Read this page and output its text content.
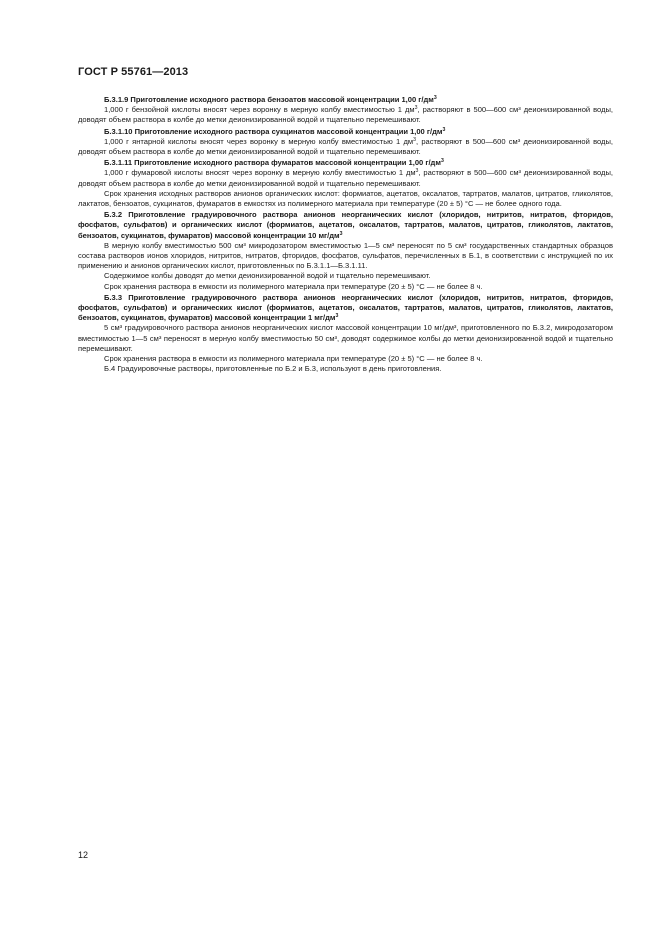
ГОСТ Р 55761—2013

Б.3.1.9 Приготовление исходного раствора бензоатов массовой концентрации 1,00 $г/дм^3$

1,000 г бензойной кислоты вносят через воронку в мерную колбу вместимостью 1 $дм^3$, растворяют в 500—600 см³ деионизированной воды, доводят объем раствора в колбе до метки деионизированной водой и тщательно перемешивают.

Б.3.1.10 Приготовление исходного раствора сукцинатов массовой концентрации 1,00 $г/дм^3$

1,000 г янтарной кислоты вносят через воронку в мерную колбу вместимостью 1 $дм^3$, растворяют в 500—600 см³ деионизированной воды, доводят объем раствора в колбе до метки деионизированной водой и тщательно перемешивают.

Б.3.1.11 Приготовление исходного раствора фумаратов массовой концентрации 1,00 $г/дм^3$

1,000 г фумаровой кислоты вносят через воронку в мерную колбу вместимостью 1 $дм^3$, растворяют в 500—600 см³ деионизированной воды, доводят объем раствора в колбе до метки деионизированной водой и тщательно перемешивают.

Срок хранения исходных растворов анионов органических кислот: формиатов, ацетатов, оксалатов, тартратов, малатов, цитратов, гликолятов, лактатов, бензоатов, сукцинатов, фумаратов в емкостях из полимерного материала при температуре (20 ± 5) °С — не более одного года.

Б.3.2 Приготовление градуировочного раствора анионов неорганических кислот (хлоридов, нитритов, нитратов, фторидов, фосфатов, сульфатов) и органических кислот (формиатов, ацетатов, оксалатов, тартратов, малатов, цитратов, гликолятов, лактатов, бензоатов, сукцинатов, фумаратов) массовой концентрации 10 $мг/дм^3$

В мерную колбу вместимостью 500 см³ микродозатором вместимостью 1—5 см³ переносят по 5 см³ государственных стандартных образцов состава растворов ионов хлоридов, нитритов, нитратов, фторидов, фосфатов, сульфатов, перечисленных в Б.1, в соответствии с инструкцией по их применению и анионов органических кислот, приготовленных по Б.3.1.1—Б.3.1.11.

Содержимое колбы доводят до метки деионизированной водой и тщательно перемешивают.

Срок хранения раствора в емкости из полимерного материала при температуре (20 ± 5) °С — не более 8 ч.

Б.3.3 Приготовление градуировочного раствора анионов неорганических кислот (хлоридов, нитритов, нитратов, фторидов, фосфатов, сульфатов) и органических кислот (формиатов, ацетатов, оксалатов, тартратов, малатов, цитратов, гликолятов, лактатов, бензоатов, сукцинатов, фумаратов) массовой концентрации 1 $мг/дм^3$

5 см³ градуировочного раствора анионов неорганических кислот массовой концентрации 10 мг/дм³, приготовленного по Б.3.2, микродозатором вместимостью 1—5 см³ переносят в мерную колбу вместимостью 50 см³, доводят содержимое колбы до метки деионизированной водой и тщательно перемешивают.

Срок хранения раствора в емкости из полимерного материала при температуре (20 ± 5) °С — не более 8 ч.

Б.4 Градуировочные растворы, приготовленные по Б.2 и Б.3, используют в день приготовления.

12
